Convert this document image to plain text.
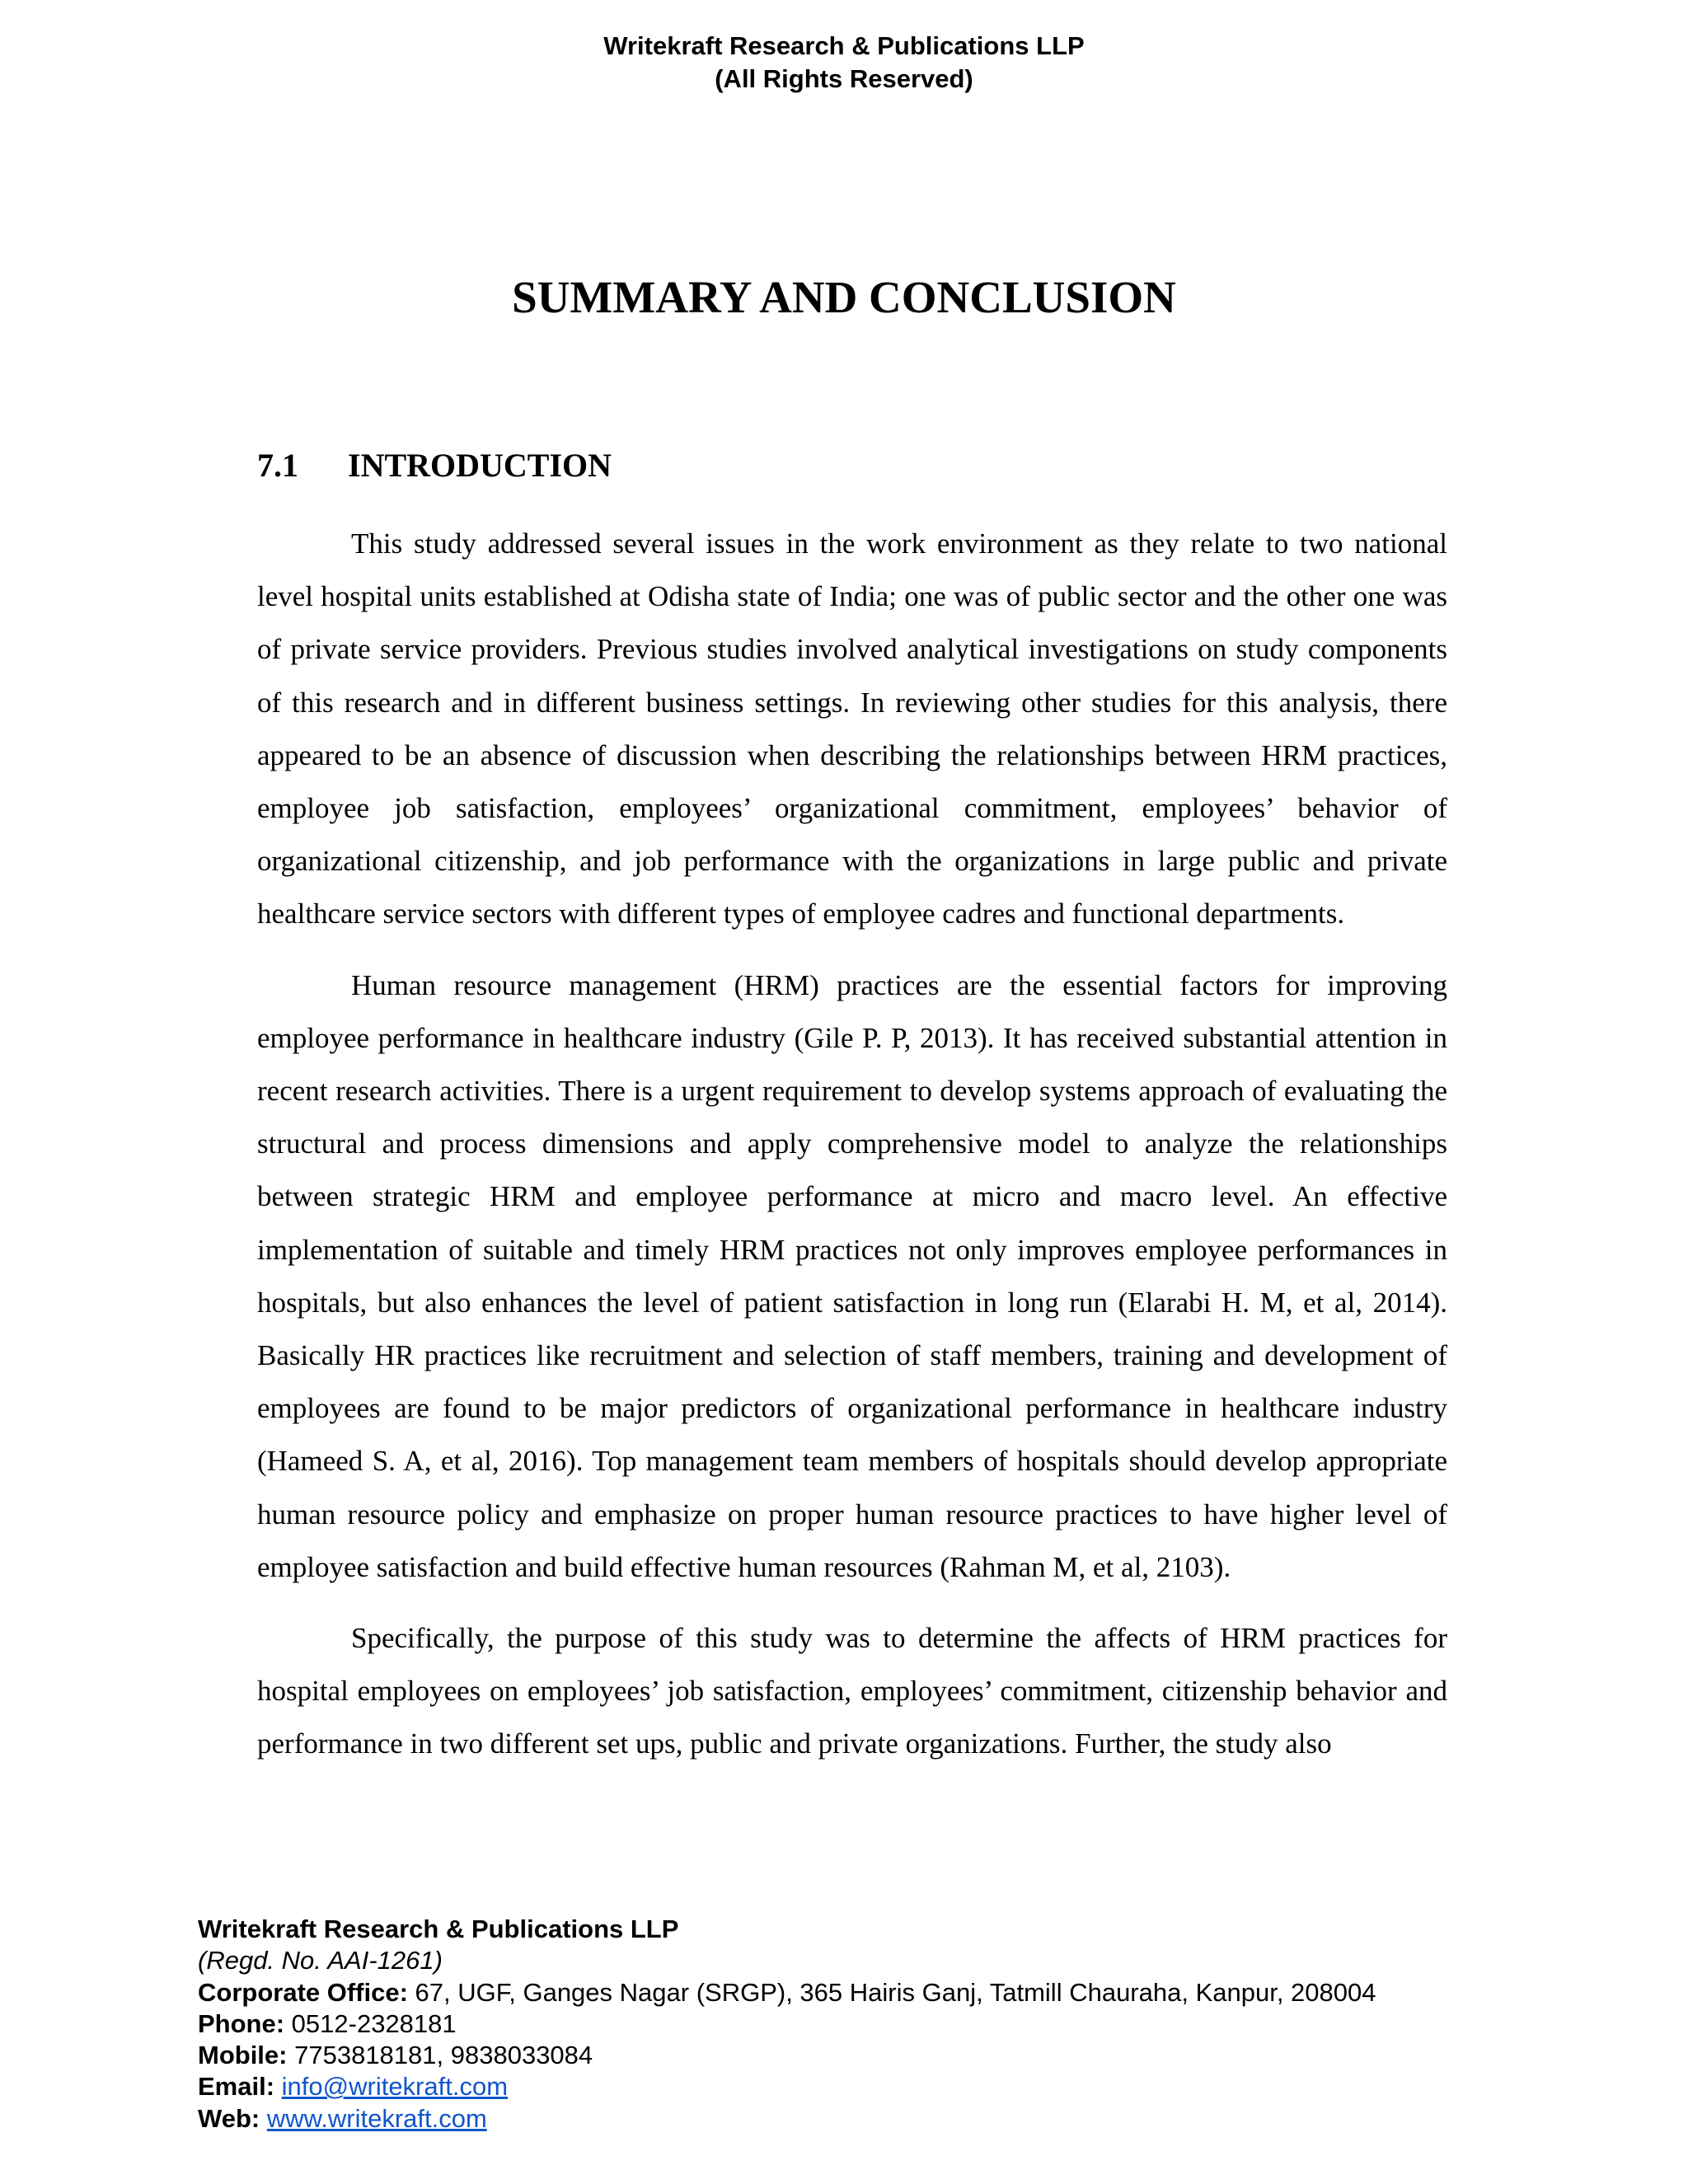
Writekraft Research & Publications LLP
(All Rights Reserved)
SUMMARY AND CONCLUSION
7.1 INTRODUCTION

This study addressed several issues in the work environment as they relate to two national level hospital units established at Odisha state of India; one was of public sector and the other one was of private service providers. Previous studies involved analytical investigations on study components of this research and in different business settings. In reviewing other studies for this analysis, there appeared to be an absence of discussion when describing the relationships between HRM practices, employee job satisfaction, employees’ organizational commitment, employees’ behavior of organizational citizenship, and job performance with the organizations in large public and private healthcare service sectors with different types of employee cadres and functional departments.

Human resource management (HRM) practices are the essential factors for improving employee performance in healthcare industry (Gile P. P, 2013). It has received substantial attention in recent research activities. There is a urgent requirement to develop systems approach of evaluating the structural and process dimensions and apply comprehensive model to analyze the relationships between strategic HRM and employee performance at micro and macro level. An effective implementation of suitable and timely HRM practices not only improves employee performances in hospitals, but also enhances the level of patient satisfaction in long run (Elarabi H. M, et al, 2014). Basically HR practices like recruitment and selection of staff members, training and development of employees are found to be major predictors of organizational performance in healthcare industry (Hameed S. A, et al, 2016). Top management team members of hospitals should develop appropriate human resource policy and emphasize on proper human resource practices to have higher level of employee satisfaction and build effective human resources (Rahman M, et al, 2103).

Specifically, the purpose of this study was to determine the affects of HRM practices for hospital employees on employees’ job satisfaction, employees’ commitment, citizenship behavior and performance in two different set ups, public and private organizations. Further, the study also

Writekraft Research & Publications LLP
(Regd. No. AAI-1261)
Corporate Office: 67, UGF, Ganges Nagar (SRGP), 365 Hairis Ganj, Tatmill Chauraha, Kanpur, 208004
Phone: 0512-2328181
Mobile: 7753818181, 9838033084
Email: info@writekraft.com
Web: www.writekraft.com
